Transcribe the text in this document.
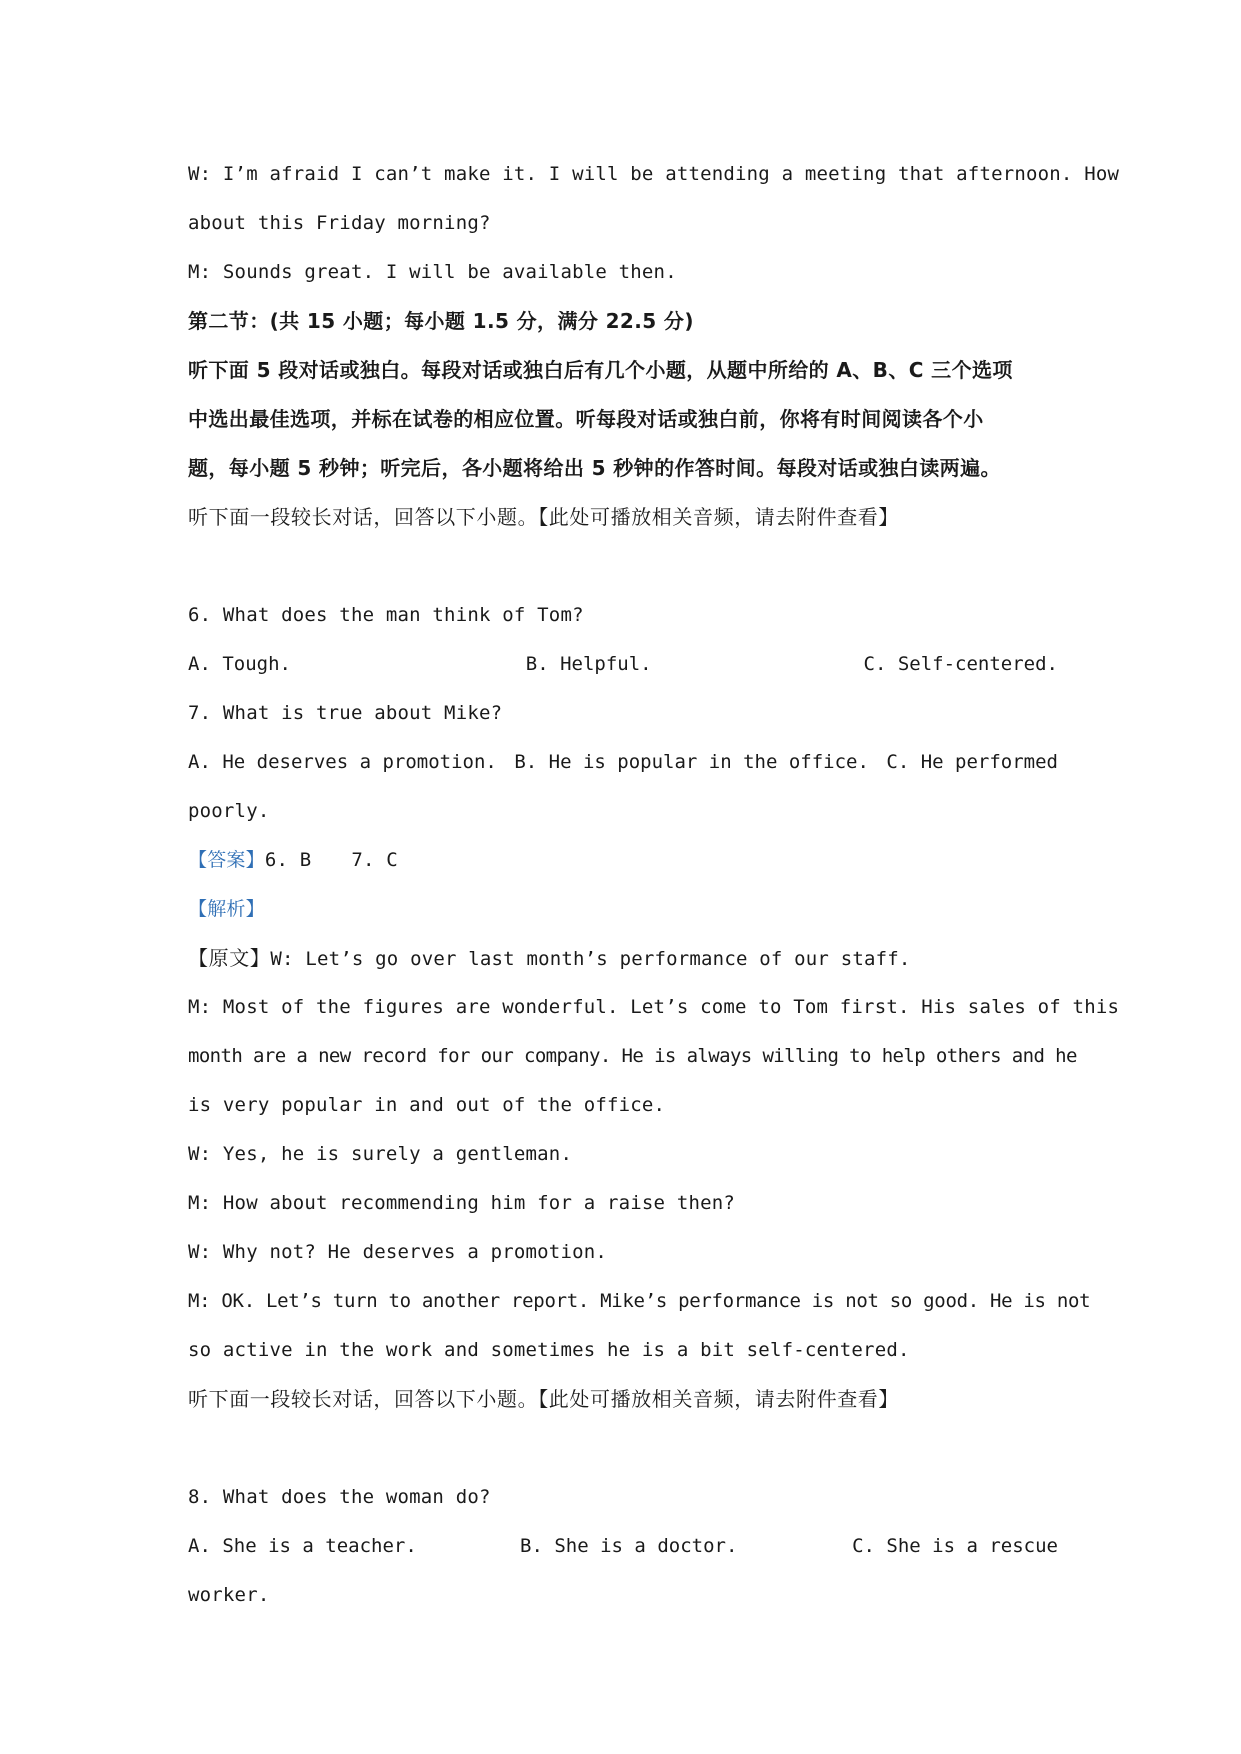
W: I’m afraid I can’t make it. I will be attending a meeting that afternoon. How
about this Friday morning?
M: Sounds great. I will be available then.
第二节：(共 15 小题；每小题 1.5 分，满分 22.5 分)
听下面 5 段对话或独白。每段对话或独白后有几个小题，从题中所给的 A、B、C 三个选项
中选出最佳选项，并标在试卷的相应位置。听每段对话或独白前，你将有时间阅读各个小
题，每小题 5 秒钟；听完后，各小题将给出 5 秒钟的作答时间。每段对话或独白读两遍。
听下面一段较长对话，回答以下小题。【此处可播放相关音频，请去附件查看】
6. What does the man think of Tom?
A. Tough.	B. Helpful.	C. Self-centered.
7. What is true about Mike?
A. He deserves a promotion. B. He is popular in the office. C. He performed
poorly.
【答案】6. B 7. C
【解析】
【原文】W: Let’s go over last month’s performance of our staff.
M: Most of the figures are wonderful. Let’s come to Tom first. His sales of this
month are a new record for our company. He is always willing to help others and he
is very popular in and out of the office.
W: Yes, he is surely a gentleman.
M: How about recommending him for a raise then?
W: Why not? He deserves a promotion.
M: OK. Let’s turn to another report. Mike’s performance is not so good. He is not
so active in the work and sometimes he is a bit self-centered.
听下面一段较长对话，回答以下小题。【此处可播放相关音频，请去附件查看】
8. What does the woman do?
A. She is a teacher.	B. She is a doctor.	C. She is a rescue
worker.
